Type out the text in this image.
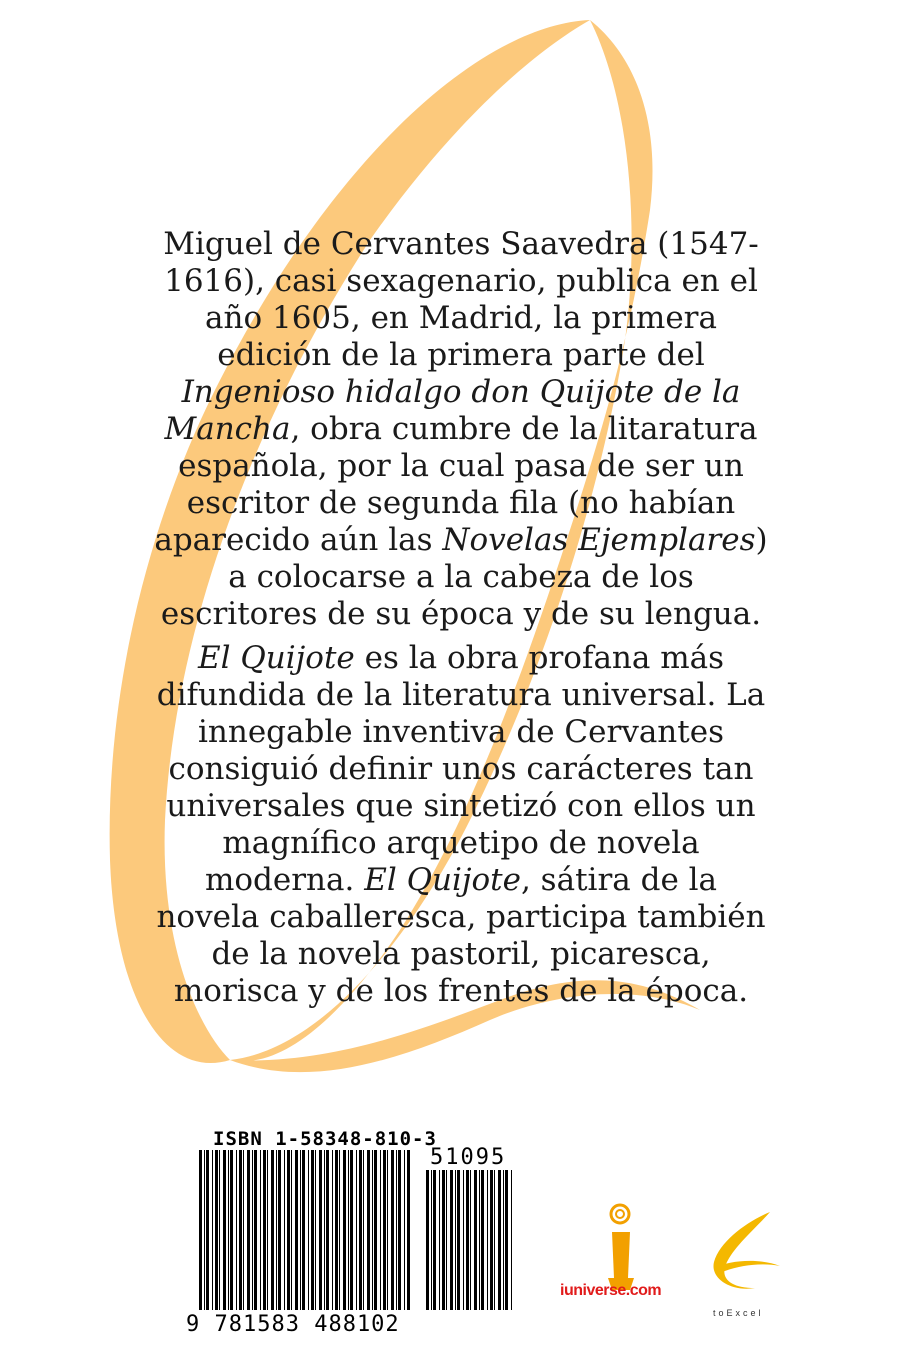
Miguel de Cervantes Saavedra (1547-1616), casi sexagenario, publica en el año 1605, en Madrid, la primera edición de la primera parte del Ingenioso hidalgo don Quijote de la Mancha, obra cumbre de la litaratura española, por la cual pasa de ser un escritor de segunda fila (no habían aparecido aún las Novelas Ejemplares) a colocarse a la cabeza de los escritores de su época y de su lengua.
El Quijote es la obra profana más difundida de la literatura universal. La innegable inventiva de Cervantes consiguió definir unos carácteres tan universales que sintetizó con ellos un magnífico arquetipo de novela moderna. El Quijote, sátira de la novela caballeresca, participa también de la novela pastoril, picaresca, morisca y de los frentes de la época.
ISBN 1-58348-810-3
9 781583 488102
51095
iuniverse.com
toExcel
